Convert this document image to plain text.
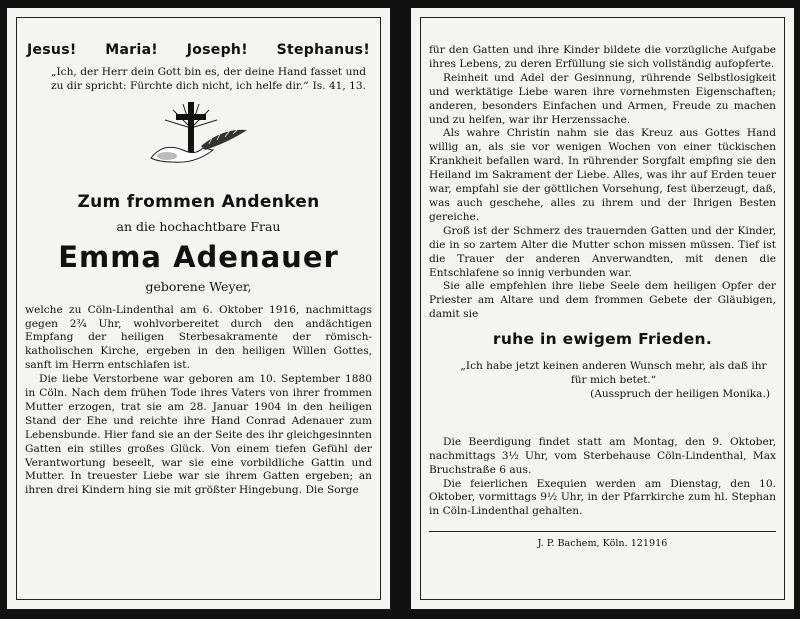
Jesus! Maria! Joseph! Stephanus!
„Ich, der Herr dein Gott bin es, der deine Hand fasset und zu dir spricht: Fürchte dich nicht, ich helfe dir.“ Is. 41, 13.
Zum frommen Andenken
an die hochachtbare Frau
Emma Adenauer
geborene Weyer,

welche zu Cöln-Lindenthal am 6. Oktober 1916, nachmittags gegen 2¾ Uhr, wohlvorbereitet durch den andächtigen Empfang der heiligen Sterbesakramente der römisch-katholischen Kirche, ergeben in den heiligen Willen Gottes, sanft im Herrn entschlafen ist.

Die liebe Verstorbene war geboren am 10. September 1880 in Cöln. Nach dem frühen Tode ihres Vaters von ihrer frommen Mutter erzogen, trat sie am 28. Januar 1904 in den heiligen Stand der Ehe und reichte ihre Hand Conrad Adenauer zum Lebensbunde. Hier fand sie an der Seite des ihr gleichgesinnten Gatten ein stilles großes Glück. Von einem tiefen Gefühl der Verantwortung beseelt, war sie eine vorbildliche Gattin und Mutter. In treuester Liebe war sie ihrem Gatten ergeben; an ihren drei Kindern hing sie mit größter Hingebung. Die Sorge

für den Gatten und ihre Kinder bildete die vorzügliche Aufgabe ihres Lebens, zu deren Erfüllung sie sich vollständig aufopferte.

Reinheit und Adel der Gesinnung, rührende Selbstlosigkeit und werktätige Liebe waren ihre vornehmsten Eigenschaften; anderen, besonders Einfachen und Armen, Freude zu machen und zu helfen, war ihr Herzenssache.

Als wahre Christin nahm sie das Kreuz aus Gottes Hand willig an, als sie vor wenigen Wochen von einer tückischen Krankheit befallen ward. In rührender Sorgfalt empfing sie den Heiland im Sakrament der Liebe. Alles, was ihr auf Erden teuer war, empfahl sie der göttlichen Vorsehung, fest überzeugt, daß, was auch geschehe, alles zu ihrem und der Ihrigen Besten gereiche.

Groß ist der Schmerz des trauernden Gatten und der Kinder, die in so zartem Alter die Mutter schon missen müssen. Tief ist die Trauer der anderen Anverwandten, mit denen die Entschlafene so innig verbunden war.

Sie alle empfehlen ihre liebe Seele dem heiligen Opfer der Priester am Altare und dem frommen Gebete der Gläubigen, damit sie

ruhe in ewigem Frieden.
„Ich habe jetzt keinen anderen Wunsch mehr, als daß ihr für mich betet.“
(Ausspruch der heiligen Monika.)

Die Beerdigung findet statt am Montag, den 9. Oktober, nachmittags 3½ Uhr, vom Sterbehause Cöln-Lindenthal, Max Bruchstraße 6 aus.

Die feierlichen Exequien werden am Dienstag, den 10. Oktober, vormittags 9½ Uhr, in der Pfarrkirche zum hl. Stephan in Cöln-Lindenthal gehalten.

J. P. Bachem, Köln. 121916
